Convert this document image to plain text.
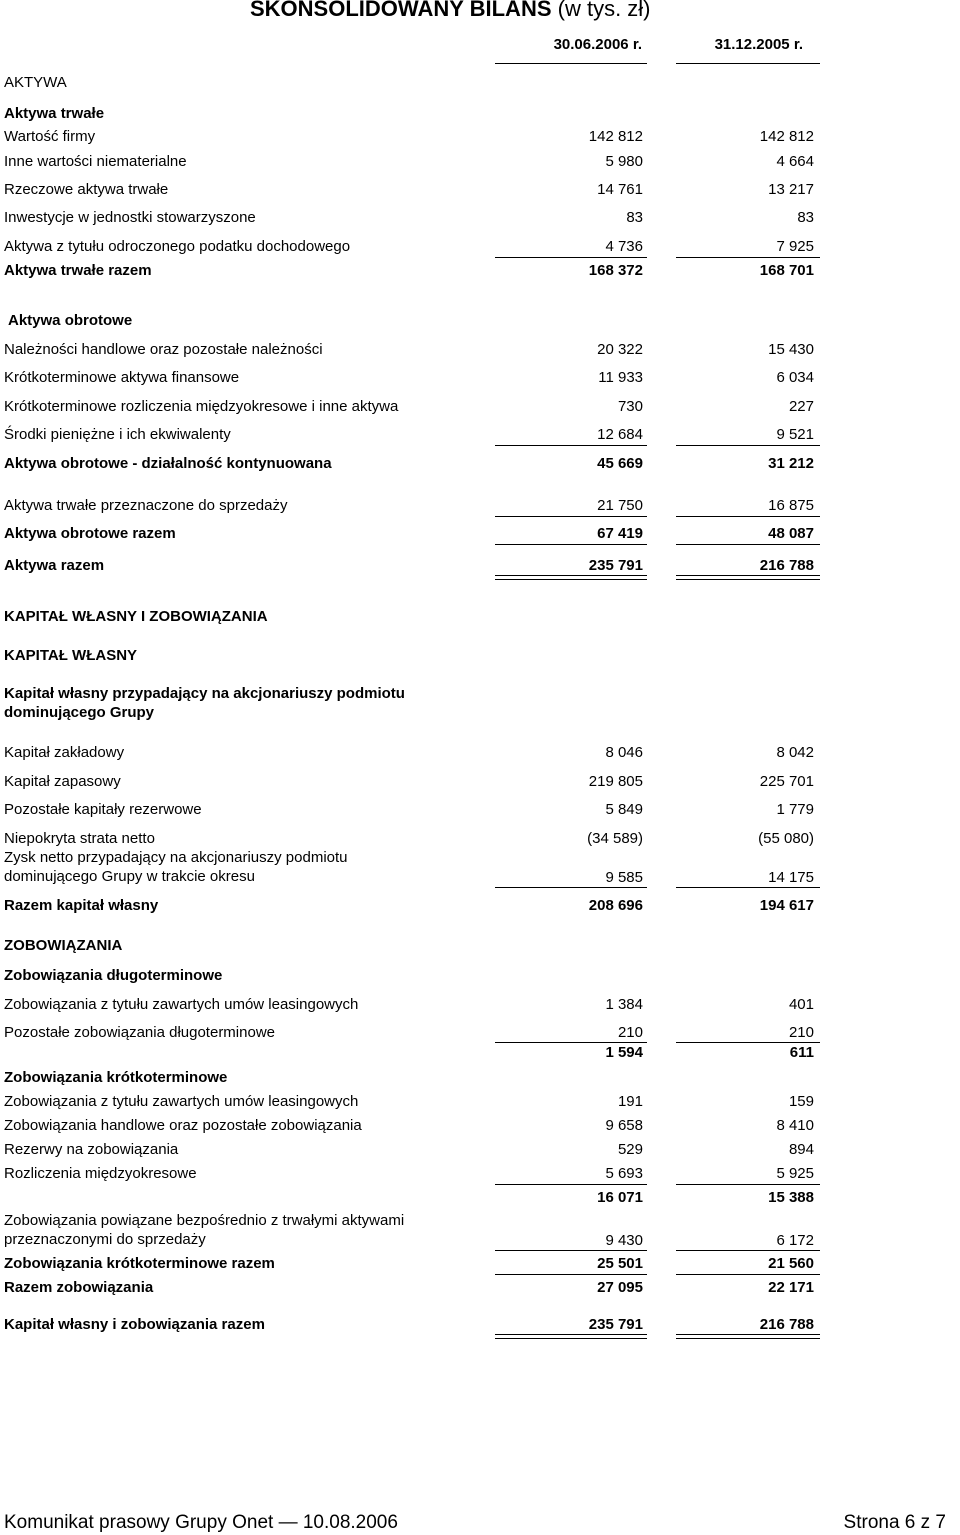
SKONSOLIDOWANY BILANS (w tys. zł)
30.06.2006 r.	31.12.2005 r.
AKTYWA
Aktywa trwałe
Wartość firmy	142 812	142 812
Inne wartości niematerialne	5 980	4 664
Rzeczowe aktywa trwałe	14 761	13 217
Inwestycje w jednostki stowarzyszone	83	83
Aktywa z tytułu odroczonego podatku dochodowego	4 736	7 925
Aktywa trwałe razem	168 372	168 701
Aktywa obrotowe
Należności handlowe oraz pozostałe należności	20 322	15 430
Krótkoterminowe aktywa finansowe	11 933	6 034
Krótkoterminowe rozliczenia międzyokresowe i inne aktywa	730	227
Środki pieniężne i ich ekwiwalenty	12 684	9 521
Aktywa obrotowe - działalność kontynuowana	45 669	31 212
Aktywa trwałe przeznaczone do sprzedaży	21 750	16 875
Aktywa obrotowe razem	67 419	48 087
Aktywa razem	235 791	216 788
KAPITAŁ WŁASNY I ZOBOWIĄZANIA
KAPITAŁ WŁASNY
Kapitał własny przypadający na akcjonariuszy podmiotu dominującego Grupy
Kapitał zakładowy	8 046	8 042
Kapitał zapasowy	219 805	225 701
Pozostałe kapitały rezerwowe	5 849	1 779
Niepokryta strata netto	(34 589)	(55 080)
Zysk netto przypadający na akcjonariuszy podmiotu dominującego Grupy w trakcie okresu	9 585	14 175
Razem kapitał własny	208 696	194 617
ZOBOWIĄZANIA
Zobowiązania długoterminowe
Zobowiązania z tytułu zawartych umów leasingowych	1 384	401
Pozostałe zobowiązania długoterminowe	210	210
1 594	611
Zobowiązania krótkoterminowe
Zobowiązania z tytułu zawartych umów leasingowych	191	159
Zobowiązania handlowe oraz pozostałe zobowiązania	9 658	8 410
Rezerwy na zobowiązania	529	894
Rozliczenia międzyokresowe	5 693	5 925
16 071	15 388
Zobowiązania powiązane bezpośrednio z trwałymi aktywami przeznaczonymi do sprzedaży	9 430	6 172
Zobowiązania krótkoterminowe razem	25 501	21 560
Razem zobowiązania	27 095	22 171
Kapitał własny i zobowiązania razem	235 791	216 788
Komunikat prasowy Grupy Onet — 10.08.2006	Strona 6 z 7
